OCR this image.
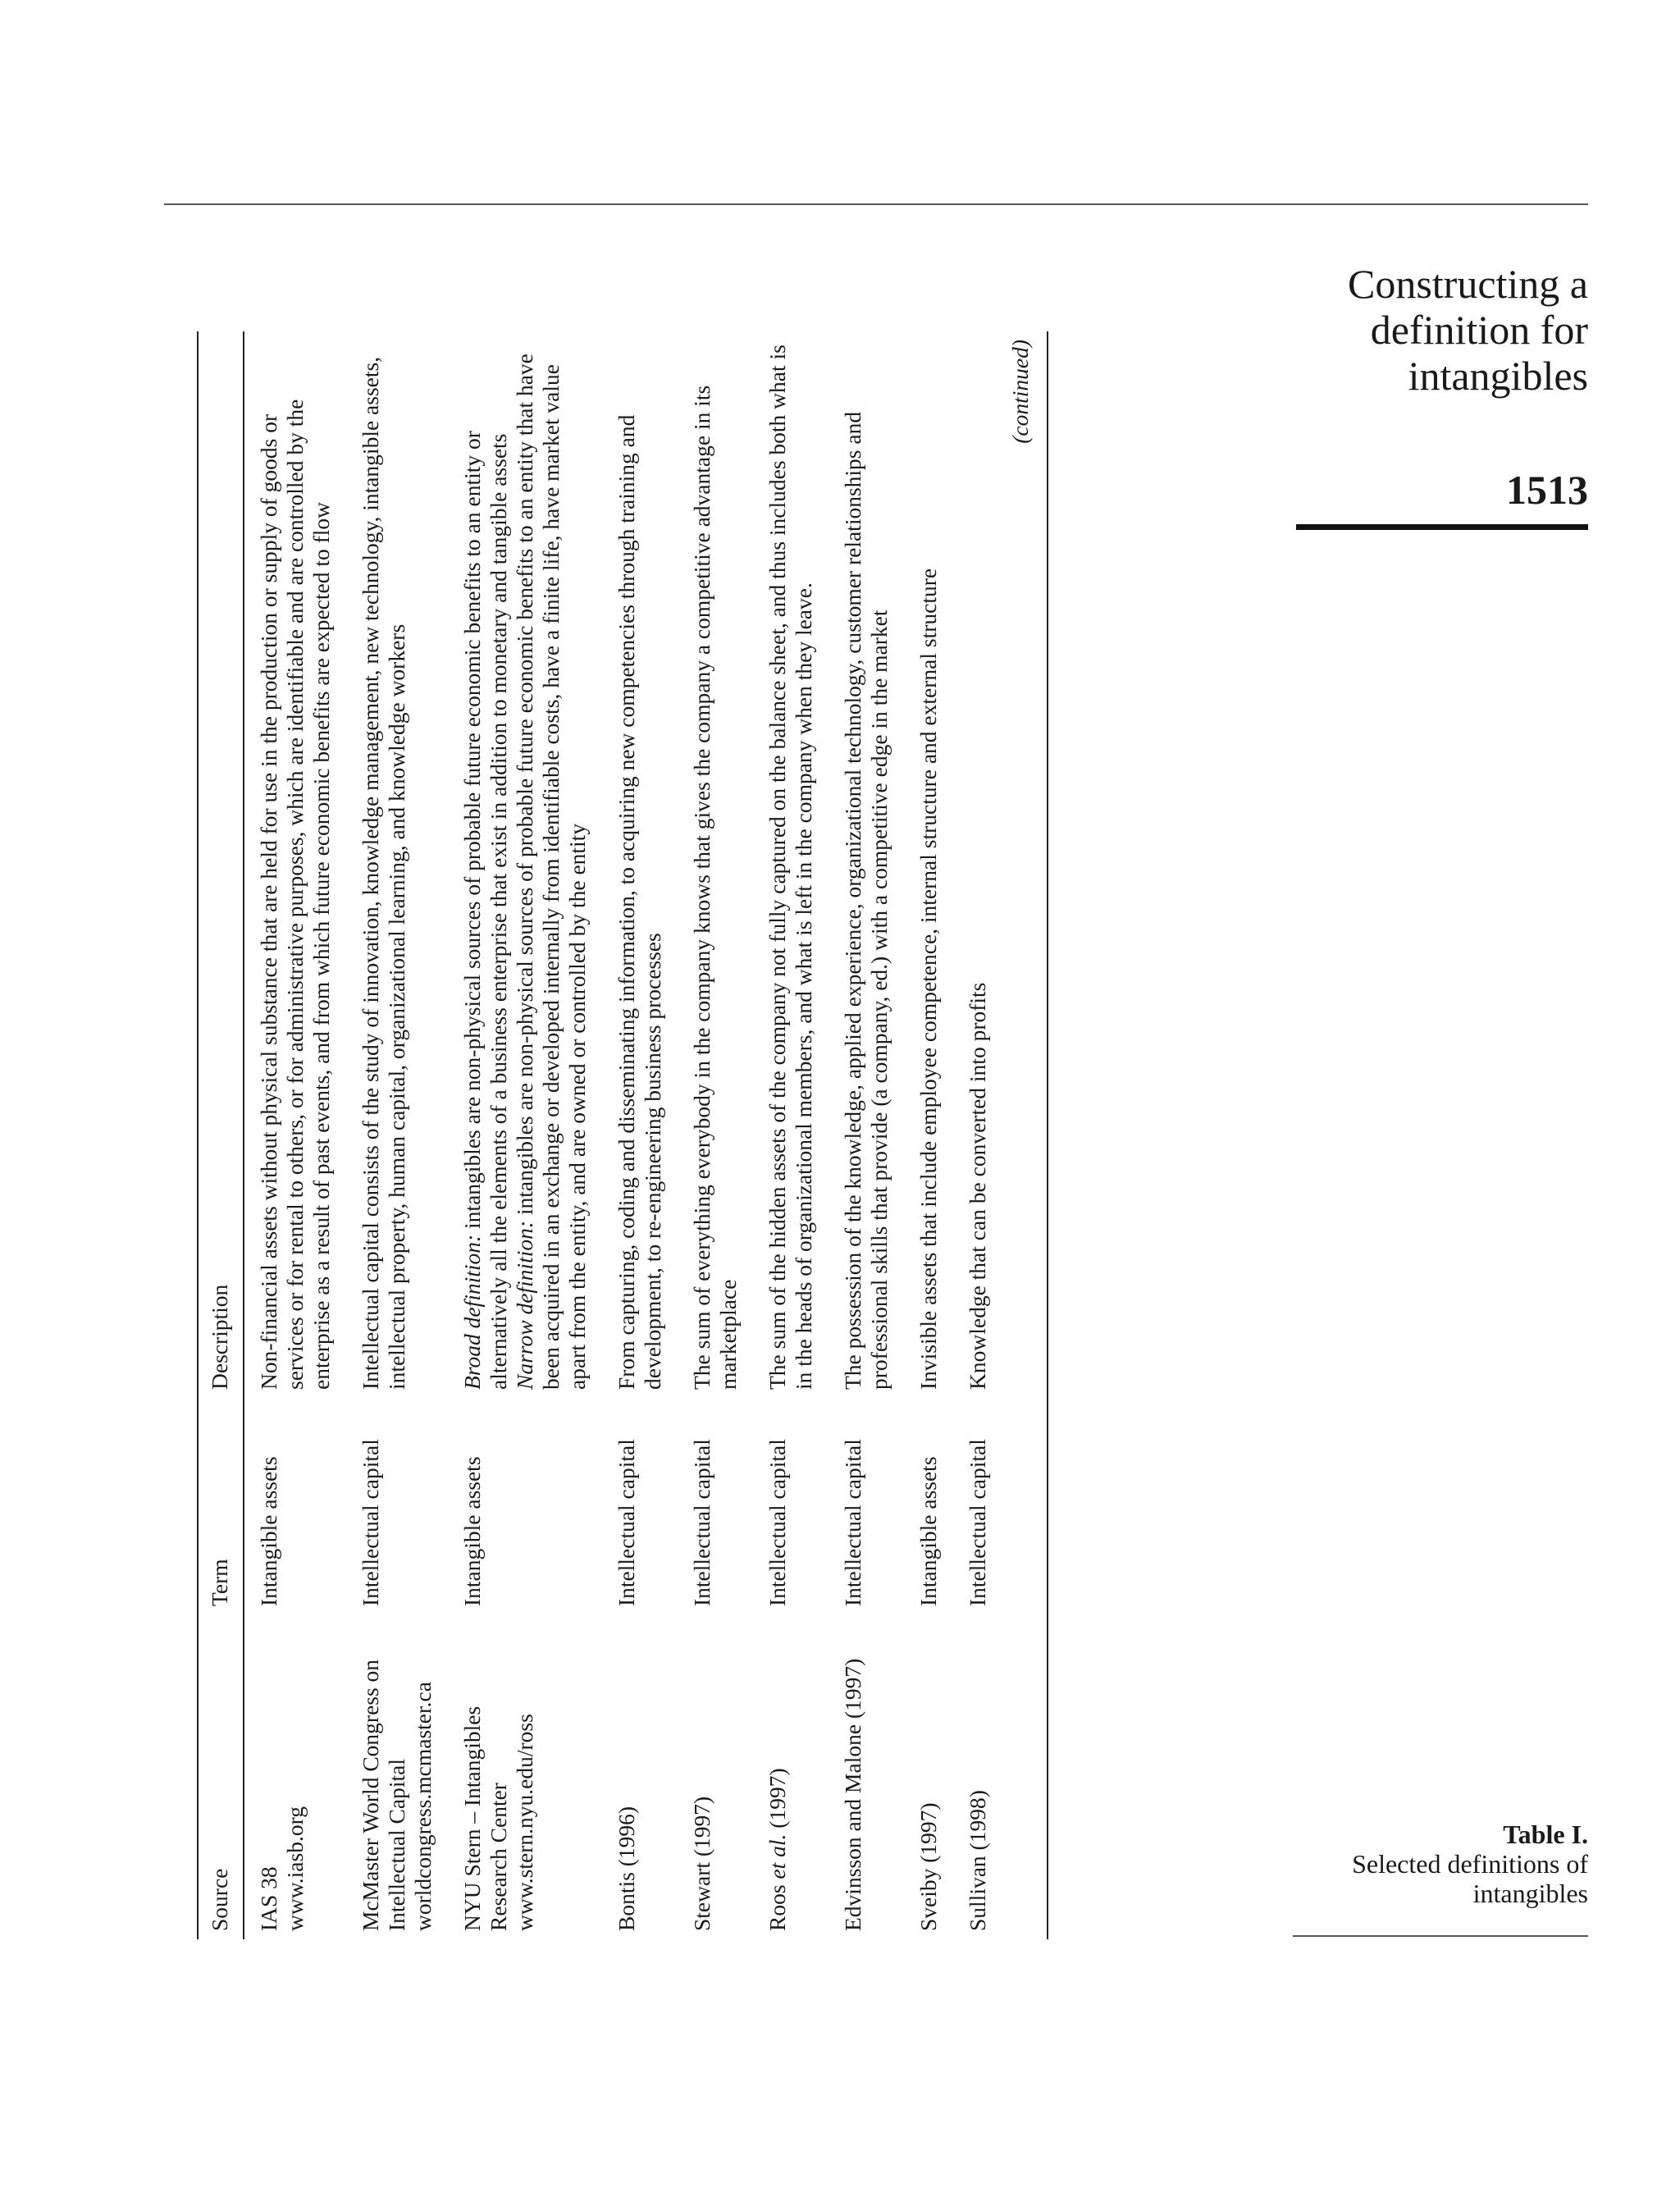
Constructing a definition for intangibles
1513
Table I.
Selected definitions of intangibles
Source	Term	Description

IAS 38 www.iasb.org	Intangible assets	Non-financial assets without physical substance that are held for use in the production or supply of goods or services or for rental to others, or for administrative purposes, which are identifiable and are controlled by the enterprise as a result of past events, and from which future economic benefits are expected to flow

McMaster World Congress on Intellectual Capital worldcongress.mcmaster.ca	Intellectual capital	Intellectual capital consists of the study of innovation, knowledge management, new technology, intangible assets, intellectual property, human capital, organizational learning, and knowledge workers

NYU Stern – Intangibles Research Center www.stern.nyu.edu/ross	Intangible assets	Broad definition: intangibles are non-physical sources of probable future economic benefits to an entity or alternatively all the elements of a business enterprise that exist in addition to monetary and tangible assets Narrow definition: intangibles are non-physical sources of probable future economic benefits to an entity that have been acquired in an exchange or developed internally from identifiable costs, have a finite life, have market value apart from the entity, and are owned or controlled by the entity

Bontis (1996)	Intellectual capital	From capturing, coding and disseminating information, to acquiring new competencies through training and development, to re-engineering business processes
Stewart (1997)	Intellectual capital	The sum of everything everybody in the company knows that gives the company a competitive advantage in its marketplace
Roos et al. (1997)	Intellectual capital	The sum of the hidden assets of the company not fully captured on the balance sheet, and thus includes both what is in the heads of organizational members, and what is left in the company when they leave.
Edvinsson and Malone (1997)	Intellectual capital	The possession of the knowledge, applied experience, organizational technology, customer relationships and professional skills that provide (a company, ed.) with a competitive edge in the market
Sveiby (1997)	Intangible assets	Invisible assets that include employee competence, internal structure and external structure
Sullivan (1998)	Intellectual capital	Knowledge that can be converted into profits
(continued)		
